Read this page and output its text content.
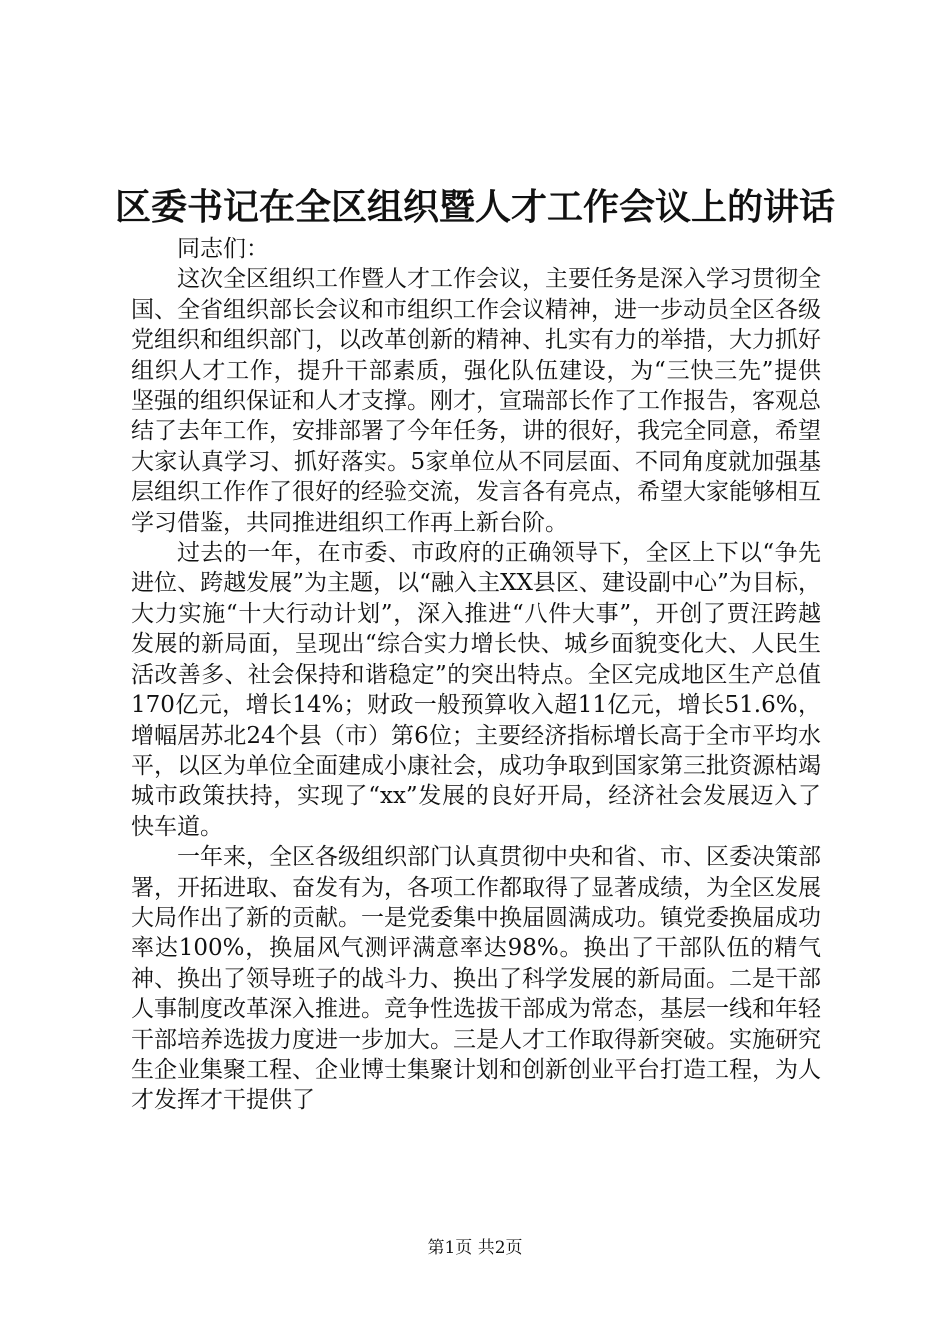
区委书记在全区组织暨人才工作会议上的讲话

同志们：

这次全区组织工作暨人才工作会议，主要任务是深入学习贯彻全国、全省组织部长会议和市组织工作会议精神，进一步动员全区各级党组织和组织部门，以改革创新的精神、扎实有力的举措，大力抓好组织人才工作，提升干部素质，强化队伍建设，为“三快三先”提供坚强的组织保证和人才支撑。刚才，宣瑞部长作了工作报告，客观总结了去年工作，安排部署了今年任务，讲的很好，我完全同意，希望大家认真学习、抓好落实。5家单位从不同层面、不同角度就加强基层组织工作作了很好的经验交流，发言各有亮点，希望大家能够相互学习借鉴，共同推进组织工作再上新台阶。

过去的一年，在市委、市政府的正确领导下，全区上下以“争先进位、跨越发展”为主题，以“融入主XX县区、建设副中心”为目标，大力实施“十大行动计划”，深入推进“八件大事”，开创了贾汪跨越发展的新局面，呈现出“综合实力增长快、城乡面貌变化大、人民生活改善多、社会保持和谐稳定”的突出特点。全区完成地区生产总值170亿元，增长14%；财政一般预算收入超11亿元，增长51.6%，增幅居苏北24个县（市）第6位；主要经济指标增长高于全市平均水平，以区为单位全面建成小康社会，成功争取到国家第三批资源枯竭城市政策扶持，实现了“xx”发展的良好开局，经济社会发展迈入了快车道。

一年来，全区各级组织部门认真贯彻中央和省、市、区委决策部署，开拓进取、奋发有为，各项工作都取得了显著成绩，为全区发展大局作出了新的贡献。一是党委集中换届圆满成功。镇党委换届成功率达100%，换届风气测评满意率达98%。换出了干部队伍的精气神、换出了领导班子的战斗力、换出了科学发展的新局面。二是干部人事制度改革深入推进。竞争性选拔干部成为常态，基层一线和年轻干部培养选拔力度进一步加大。三是人才工作取得新突破。实施研究生企业集聚工程、企业博士集聚计划和创新创业平台打造工程，为人才发挥才干提供了

第1页 共2页
